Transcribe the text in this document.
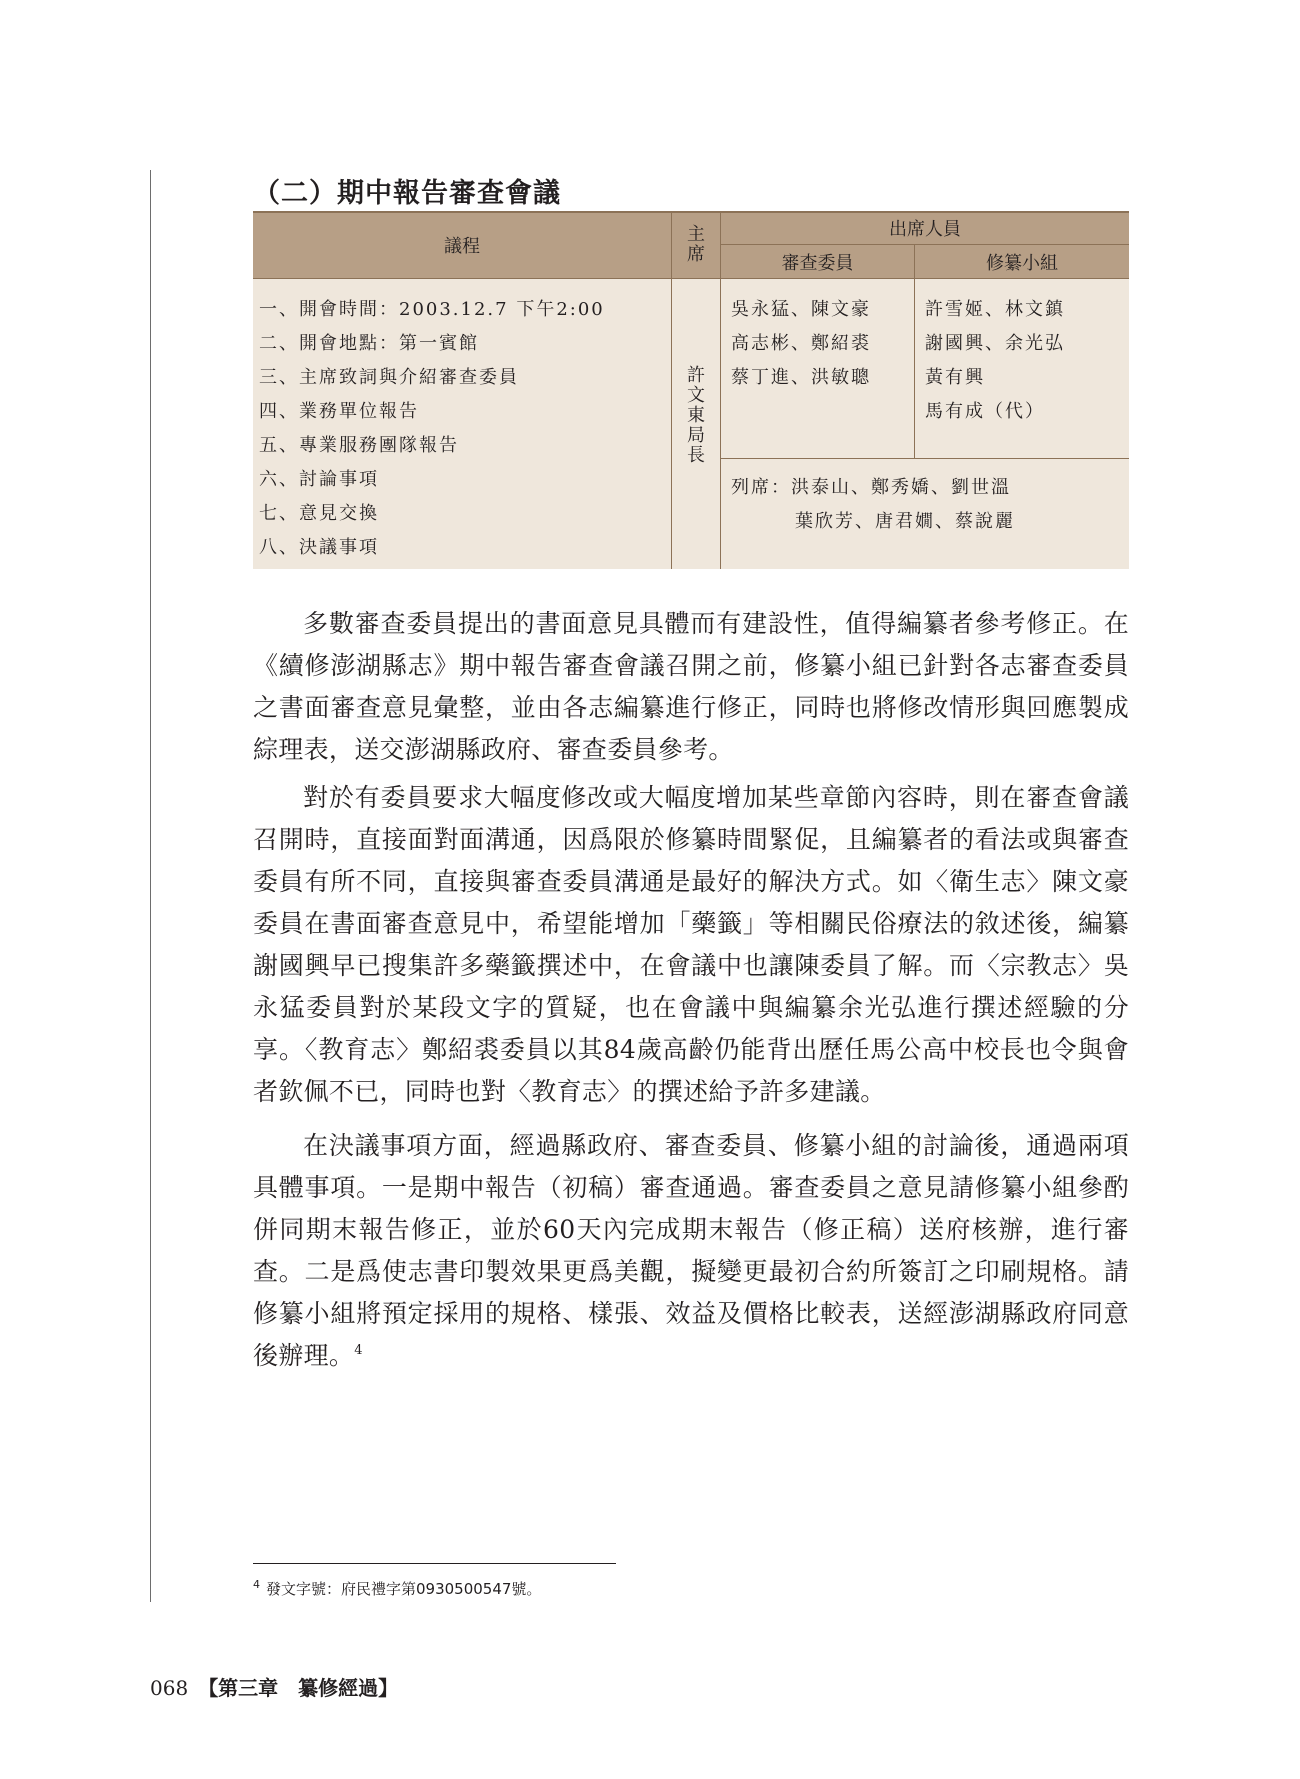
（二）期中報告審查會議
議程
主
席
出席人員
審查委員	修纂小組
一、開會時間：2003.12.7 下午2:00
二、開會地點：第一賓館
三、主席致詞與介紹審查委員
四、業務單位報告
五、專業服務團隊報告
六、討論事項
七、意見交換
八、決議事項
許
文
東
局
長
吳永猛、陳文豪
高志彬、鄭紹裘
蔡丁進、洪敏聰
許雪姬、林文鎮
謝國興、余光弘
黃有興
馬有成（代）
列席：洪泰山、鄭秀嬌、劉世溫
葉欣芳、唐君嫺、蔡說麗

多數審查委員提出的書面意見具體而有建設性，值得編纂者參考修正。在《續修澎湖縣志》期中報告審查會議召開之前，修纂小組已針對各志審查委員之書面審查意見彙整，並由各志編纂進行修正，同時也將修改情形與回應製成綜理表，送交澎湖縣政府、審查委員參考。

對於有委員要求大幅度修改或大幅度增加某些章節內容時，則在審查會議召開時，直接面對面溝通，因爲限於修纂時間緊促，且編纂者的看法或與審查委員有所不同，直接與審查委員溝通是最好的解決方式。如〈衛生志〉陳文豪委員在書面審查意見中，希望能增加「藥籤」等相關民俗療法的敘述後，編纂謝國興早已搜集許多藥籤撰述中，在會議中也讓陳委員了解。而〈宗教志〉吳永猛委員對於某段文字的質疑，也在會議中與編纂余光弘進行撰述經驗的分享。〈教育志〉鄭紹裘委員以其84歲高齡仍能背出歷任馬公高中校長也令與會者欽佩不已，同時也對〈教育志〉的撰述給予許多建議。

在決議事項方面，經過縣政府、審查委員、修纂小組的討論後，通過兩項具體事項。一是期中報告（初稿）審查通過。審查委員之意見請修纂小組參酌併同期末報告修正，並於60天內完成期末報告（修正稿）送府核辦，進行審查。二是爲使志書印製效果更爲美觀，擬變更最初合約所簽訂之印刷規格。請修纂小組將預定採用的規格、樣張、效益及價格比較表，送經澎湖縣政府同意後辦理。$^4$

$^4$ 發文字號：府民禮字第0930500547號。
068 【第三章　纂修經過】
